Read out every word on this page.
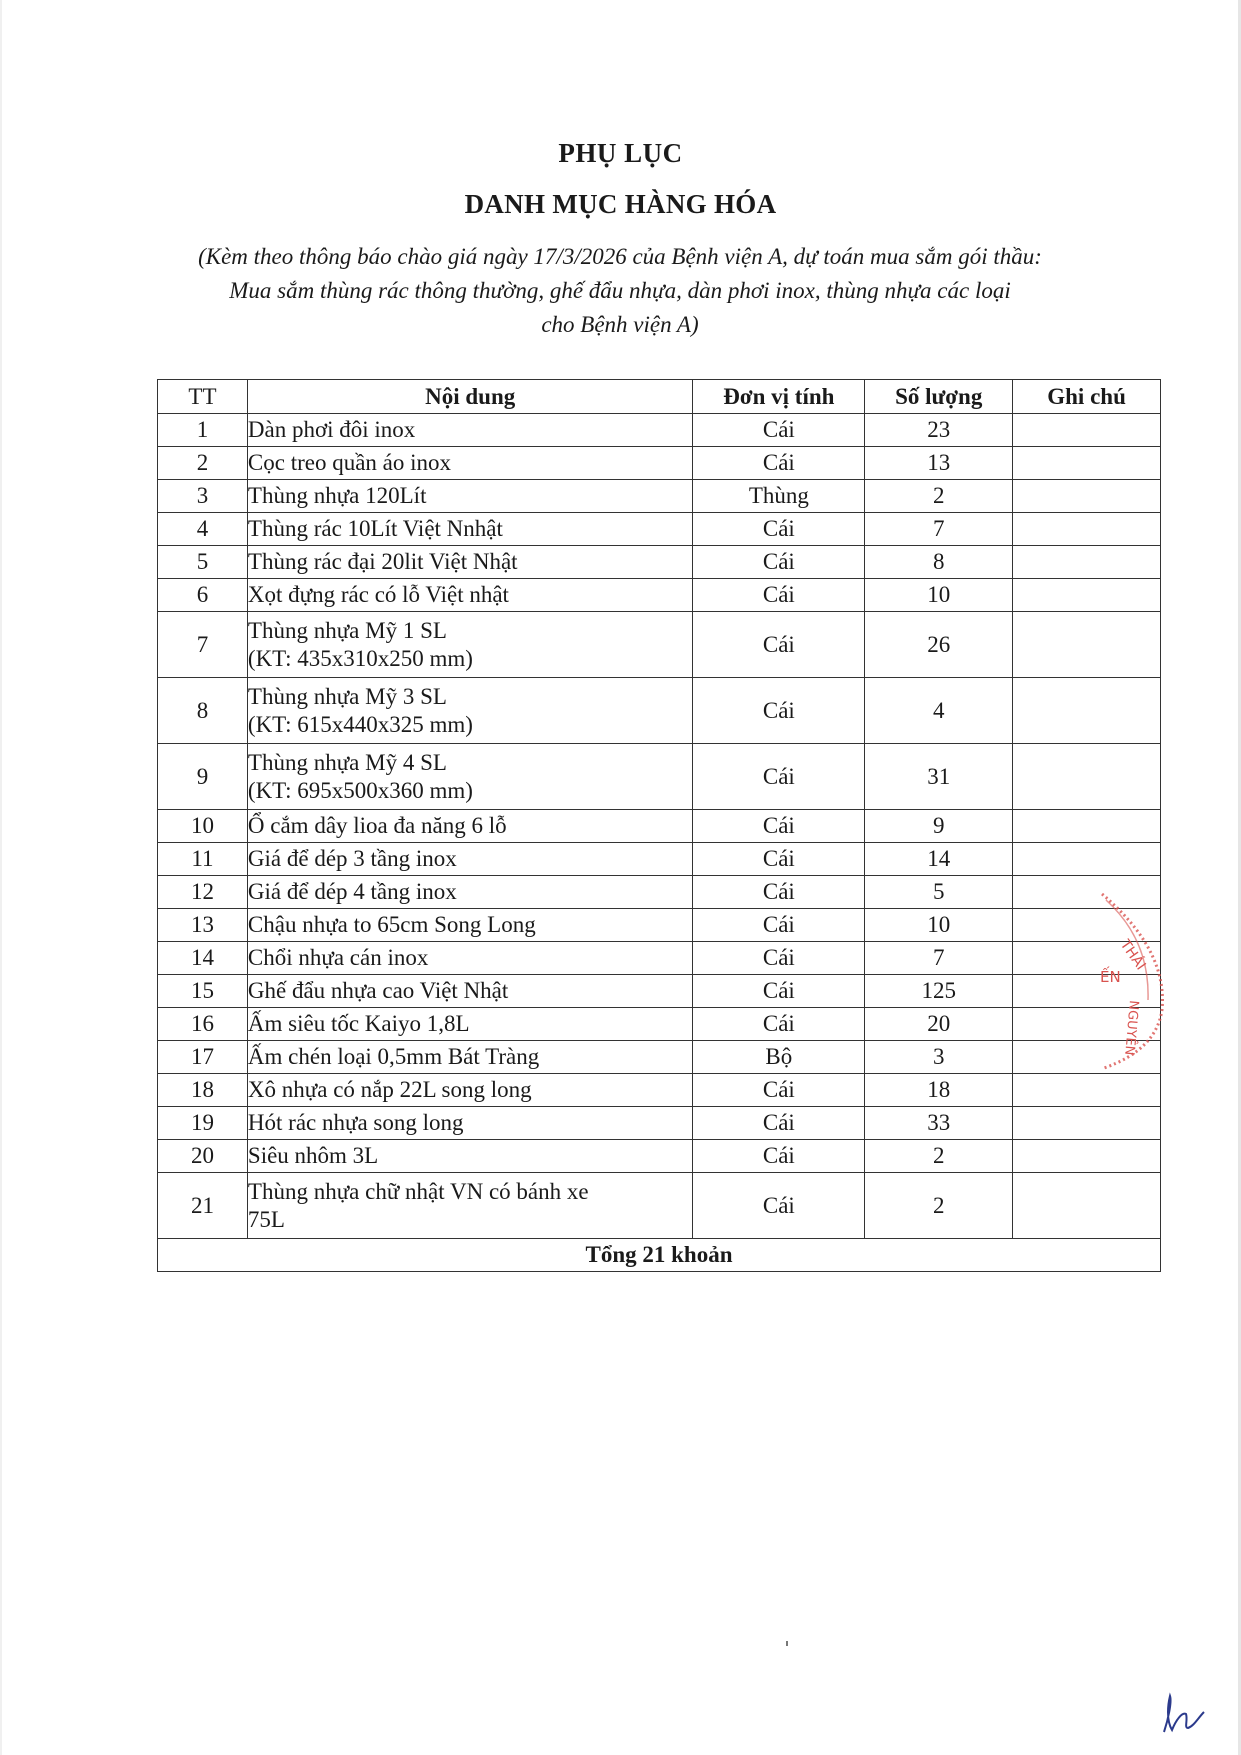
PHỤ LỤC
DANH MỤC HÀNG HÓA
(Kèm theo thông báo chào giá ngày 17/3/2026 của Bệnh viện A, dự toán mua sắm gói thầu:
Mua sắm thùng rác thông thường, ghế đẩu nhựa, dàn phơi inox, thùng nhựa các loại
cho Bệnh viện A)
TT	Nội dung	Đơn vị tính	Số lượng	Ghi chú
1	Dàn phơi đôi inox	Cái	23	
2	Cọc treo quần áo inox	Cái	13	
3	Thùng nhựa 120Lít	Thùng	2	
4	Thùng rác 10Lít Việt Nnhật	Cái	7	
5	Thùng rác đại 20lit Việt Nhật	Cái	8	
6	Xọt đựng rác có lỗ Việt nhật	Cái	10	
7	Thùng nhựa Mỹ 1 SL
(KT: 435x310x250 mm)	Cái	26	
8	Thùng nhựa Mỹ 3 SL
(KT: 615x440x325 mm)	Cái	4	
9	Thùng nhựa Mỹ 4 SL
(KT: 695x500x360 mm)	Cái	31	
10	Ổ cắm dây lioa đa năng 6 lỗ	Cái	9	
11	Giá để dép 3 tầng inox	Cái	14	
12	Giá để dép 4 tầng inox	Cái	5	
13	Chậu nhựa to 65cm Song Long	Cái	10	
14	Chổi nhựa cán inox	Cái	7	
15	Ghế đẩu nhựa cao Việt Nhật	Cái	125	
16	Ấm siêu tốc Kaiyo 1,8L	Cái	20	
17	Ấm chén loại 0,5mm Bát Tràng	Bộ	3	
18	Xô nhựa có nắp 22L song long	Cái	18	
19	Hót rác nhựa song long	Cái	33	
20	Siêu nhôm 3L	Cái	2	
21	Thùng nhựa chữ nhật VN có bánh xe
75L	Cái	2	
Tổng 21 khoản				
THÁI
ẾN
NGUYÊN
